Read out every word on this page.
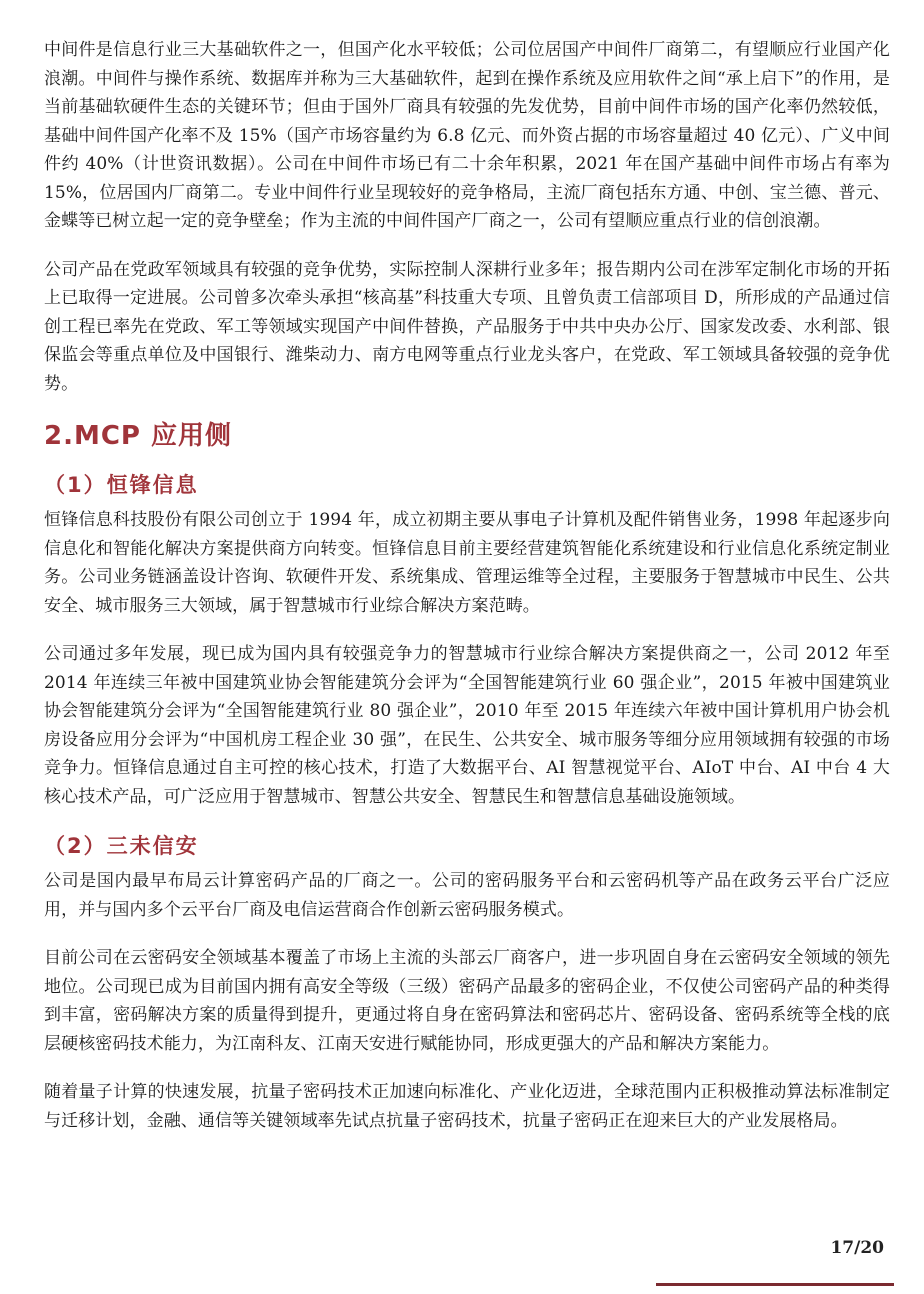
中间件是信息行业三大基础软件之一，但国产化水平较低；公司位居国产中间件厂商第二，有望顺应行业国产化浪潮。中间件与操作系统、数据库并称为三大基础软件，起到在操作系统及应用软件之间“承上启下”的作用，是当前基础软硬件生态的关键环节；但由于国外厂商具有较强的先发优势，目前中间件市场的国产化率仍然较低，基础中间件国产化率不及 15%（国产市场容量约为 6.8 亿元、而外资占据的市场容量超过 40 亿元）、广义中间件约 40%（计世资讯数据）。公司在中间件市场已有二十余年积累，2021 年在国产基础中间件市场占有率为 15%，位居国内厂商第二。专业中间件行业呈现较好的竞争格局，主流厂商包括东方通、中创、宝兰德、普元、金蝶等已树立起一定的竞争壁垒；作为主流的中间件国产厂商之一，公司有望顺应重点行业的信创浪潮。

公司产品在党政军领域具有较强的竞争优势，实际控制人深耕行业多年；报告期内公司在涉军定制化市场的开拓上已取得一定进展。公司曾多次牵头承担“核高基”科技重大专项、且曾负责工信部项目 D，所形成的产品通过信创工程已率先在党政、军工等领域实现国产中间件替换，产品服务于中共中央办公厅、国家发改委、水利部、银保监会等重点单位及中国银行、潍柴动力、南方电网等重点行业龙头客户，在党政、军工领域具备较强的竞争优势。

2.MCP 应用侧
（1）恒锋信息

恒锋信息科技股份有限公司创立于 1994 年，成立初期主要从事电子计算机及配件销售业务，1998 年起逐步向信息化和智能化解决方案提供商方向转变。恒锋信息目前主要经营建筑智能化系统建设和行业信息化系统定制业务。公司业务链涵盖设计咨询、软硬件开发、系统集成、管理运维等全过程，主要服务于智慧城市中民生、公共安全、城市服务三大领域，属于智慧城市行业综合解决方案范畴。

公司通过多年发展，现已成为国内具有较强竞争力的智慧城市行业综合解决方案提供商之一，公司 2012 年至 2014 年连续三年被中国建筑业协会智能建筑分会评为“全国智能建筑行业 60 强企业”，2015 年被中国建筑业协会智能建筑分会评为“全国智能建筑行业 80 强企业”，2010 年至 2015 年连续六年被中国计算机用户协会机房设备应用分会评为“中国机房工程企业 30 强”，在民生、公共安全、城市服务等细分应用领域拥有较强的市场竞争力。恒锋信息通过自主可控的核心技术，打造了大数据平台、AI 智慧视觉平台、AIoT 中台、AI 中台 4 大核心技术产品，可广泛应用于智慧城市、智慧公共安全、智慧民生和智慧信息基础设施领域。

（2）三未信安

公司是国内最早布局云计算密码产品的厂商之一。公司的密码服务平台和云密码机等产品在政务云平台广泛应用，并与国内多个云平台厂商及电信运营商合作创新云密码服务模式。

目前公司在云密码安全领域基本覆盖了市场上主流的头部云厂商客户，进一步巩固自身在云密码安全领域的领先地位。公司现已成为目前国内拥有高安全等级（三级）密码产品最多的密码企业，不仅使公司密码产品的种类得到丰富，密码解决方案的质量得到提升，更通过将自身在密码算法和密码芯片、密码设备、密码系统等全栈的底层硬核密码技术能力，为江南科友、江南天安进行赋能协同，形成更强大的产品和解决方案能力。

随着量子计算的快速发展，抗量子密码技术正加速向标准化、产业化迈进，全球范围内正积极推动算法标准制定与迁移计划，金融、通信等关键领域率先试点抗量子密码技术，抗量子密码正在迎来巨大的产业发展格局。

17/20
